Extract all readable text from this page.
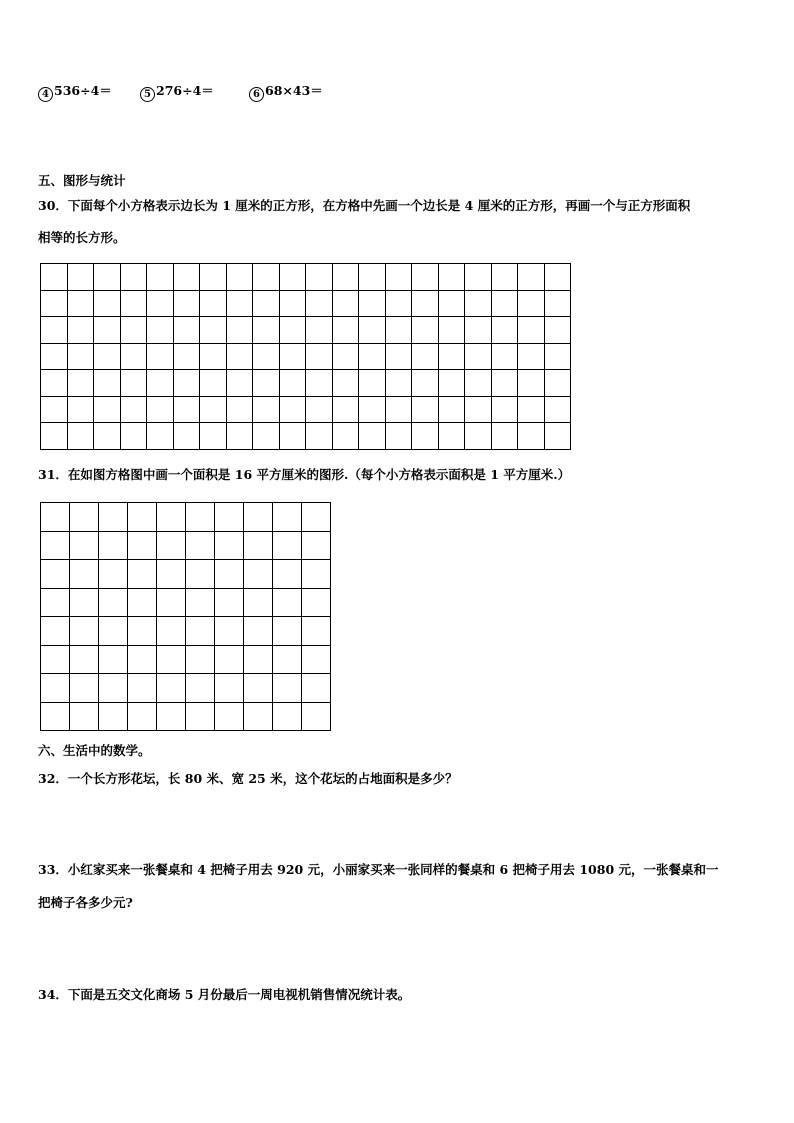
4 536÷4＝	5 276÷4＝	6 68×43＝
五、图形与统计
30．下面每个小方格表示边长为 1 厘米的正方形，在方格中先画一个边长是 4 厘米的正方形，再画一个与正方形面积
相等的长方形。

31．在如图方格图中画一个面积是 16 平方厘米的图形.（每个小方格表示面积是 1 平方厘米.）

六、生活中的数学。
32．一个长方形花坛，长 80 米、宽 25 米，这个花坛的占地面积是多少？
33．小红家买来一张餐桌和 4 把椅子用去 920 元，小丽家买来一张同样的餐桌和 6 把椅子用去 1080 元，一张餐桌和一
把椅子各多少元?
34．下面是五交文化商场 5 月份最后一周电视机销售情况统计表。
